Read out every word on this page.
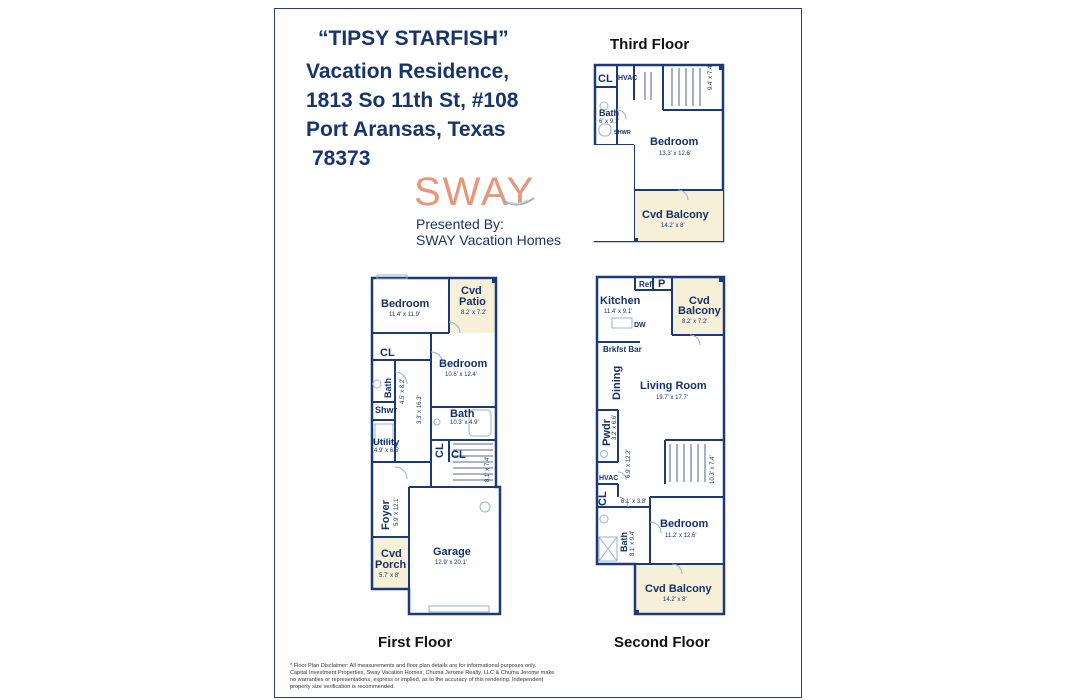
“TIPSY STARFISH”
Vacation Residence,
1813 So 11th St, #108
Port Aransas, Texas
78373
SWAY
Presented By:
SWAY Vacation Homes
Third Floor
First Floor	Second Floor
CL HVAC
Bath
6' x 9.1'
SHWR
9.4' x 7.4'
Bedroom
13.3' x 12.6'
Cvd Balcony
14.2' x 8'
Bedroom
11.4' x 11.9'
Cvd
Patio
8.2' x 7.2'
CL
Bedroom
10.6' x 12.4'
Bath 4.5' x 8.2'
3.3' x 16.3' Bath
10.3' x 4.9'
Shwr
Utility
4.9' x 6.5'	CL CL
8.1' x 7.4'
Foyer 5.9' x 12.1'
Cvd
Porch
5.7' x 8'
Garage
12.9' x 20.1'
Kitchen
11.4' x 9.1'
Ref P
DW
Cvd
Balcony
8.2' x 7.2'
Brkfst Bar
Dining Living Room
19.7' x 17.7'
Pwdr 3.2' x 6.6'
6.9' x 12.2'	10.3' x 7.4'
HVAC
CL 6.1' x 3.8'
Bath 8.1' x 9.4'
Bedroom
11.2' x 12.6'
Cvd Balcony
14.2' x 8'
* Floor Plan Disclaimer: All measurements and floor plan details are for informational purposes only. Capital Investment Properties, Sway Vacation Homes, Chuma Jerome Realty, LLC & Chuma Jerome make no warranties or representations, express or implied, as to the accuracy of this rendering. Independent property size verification is recommended.
